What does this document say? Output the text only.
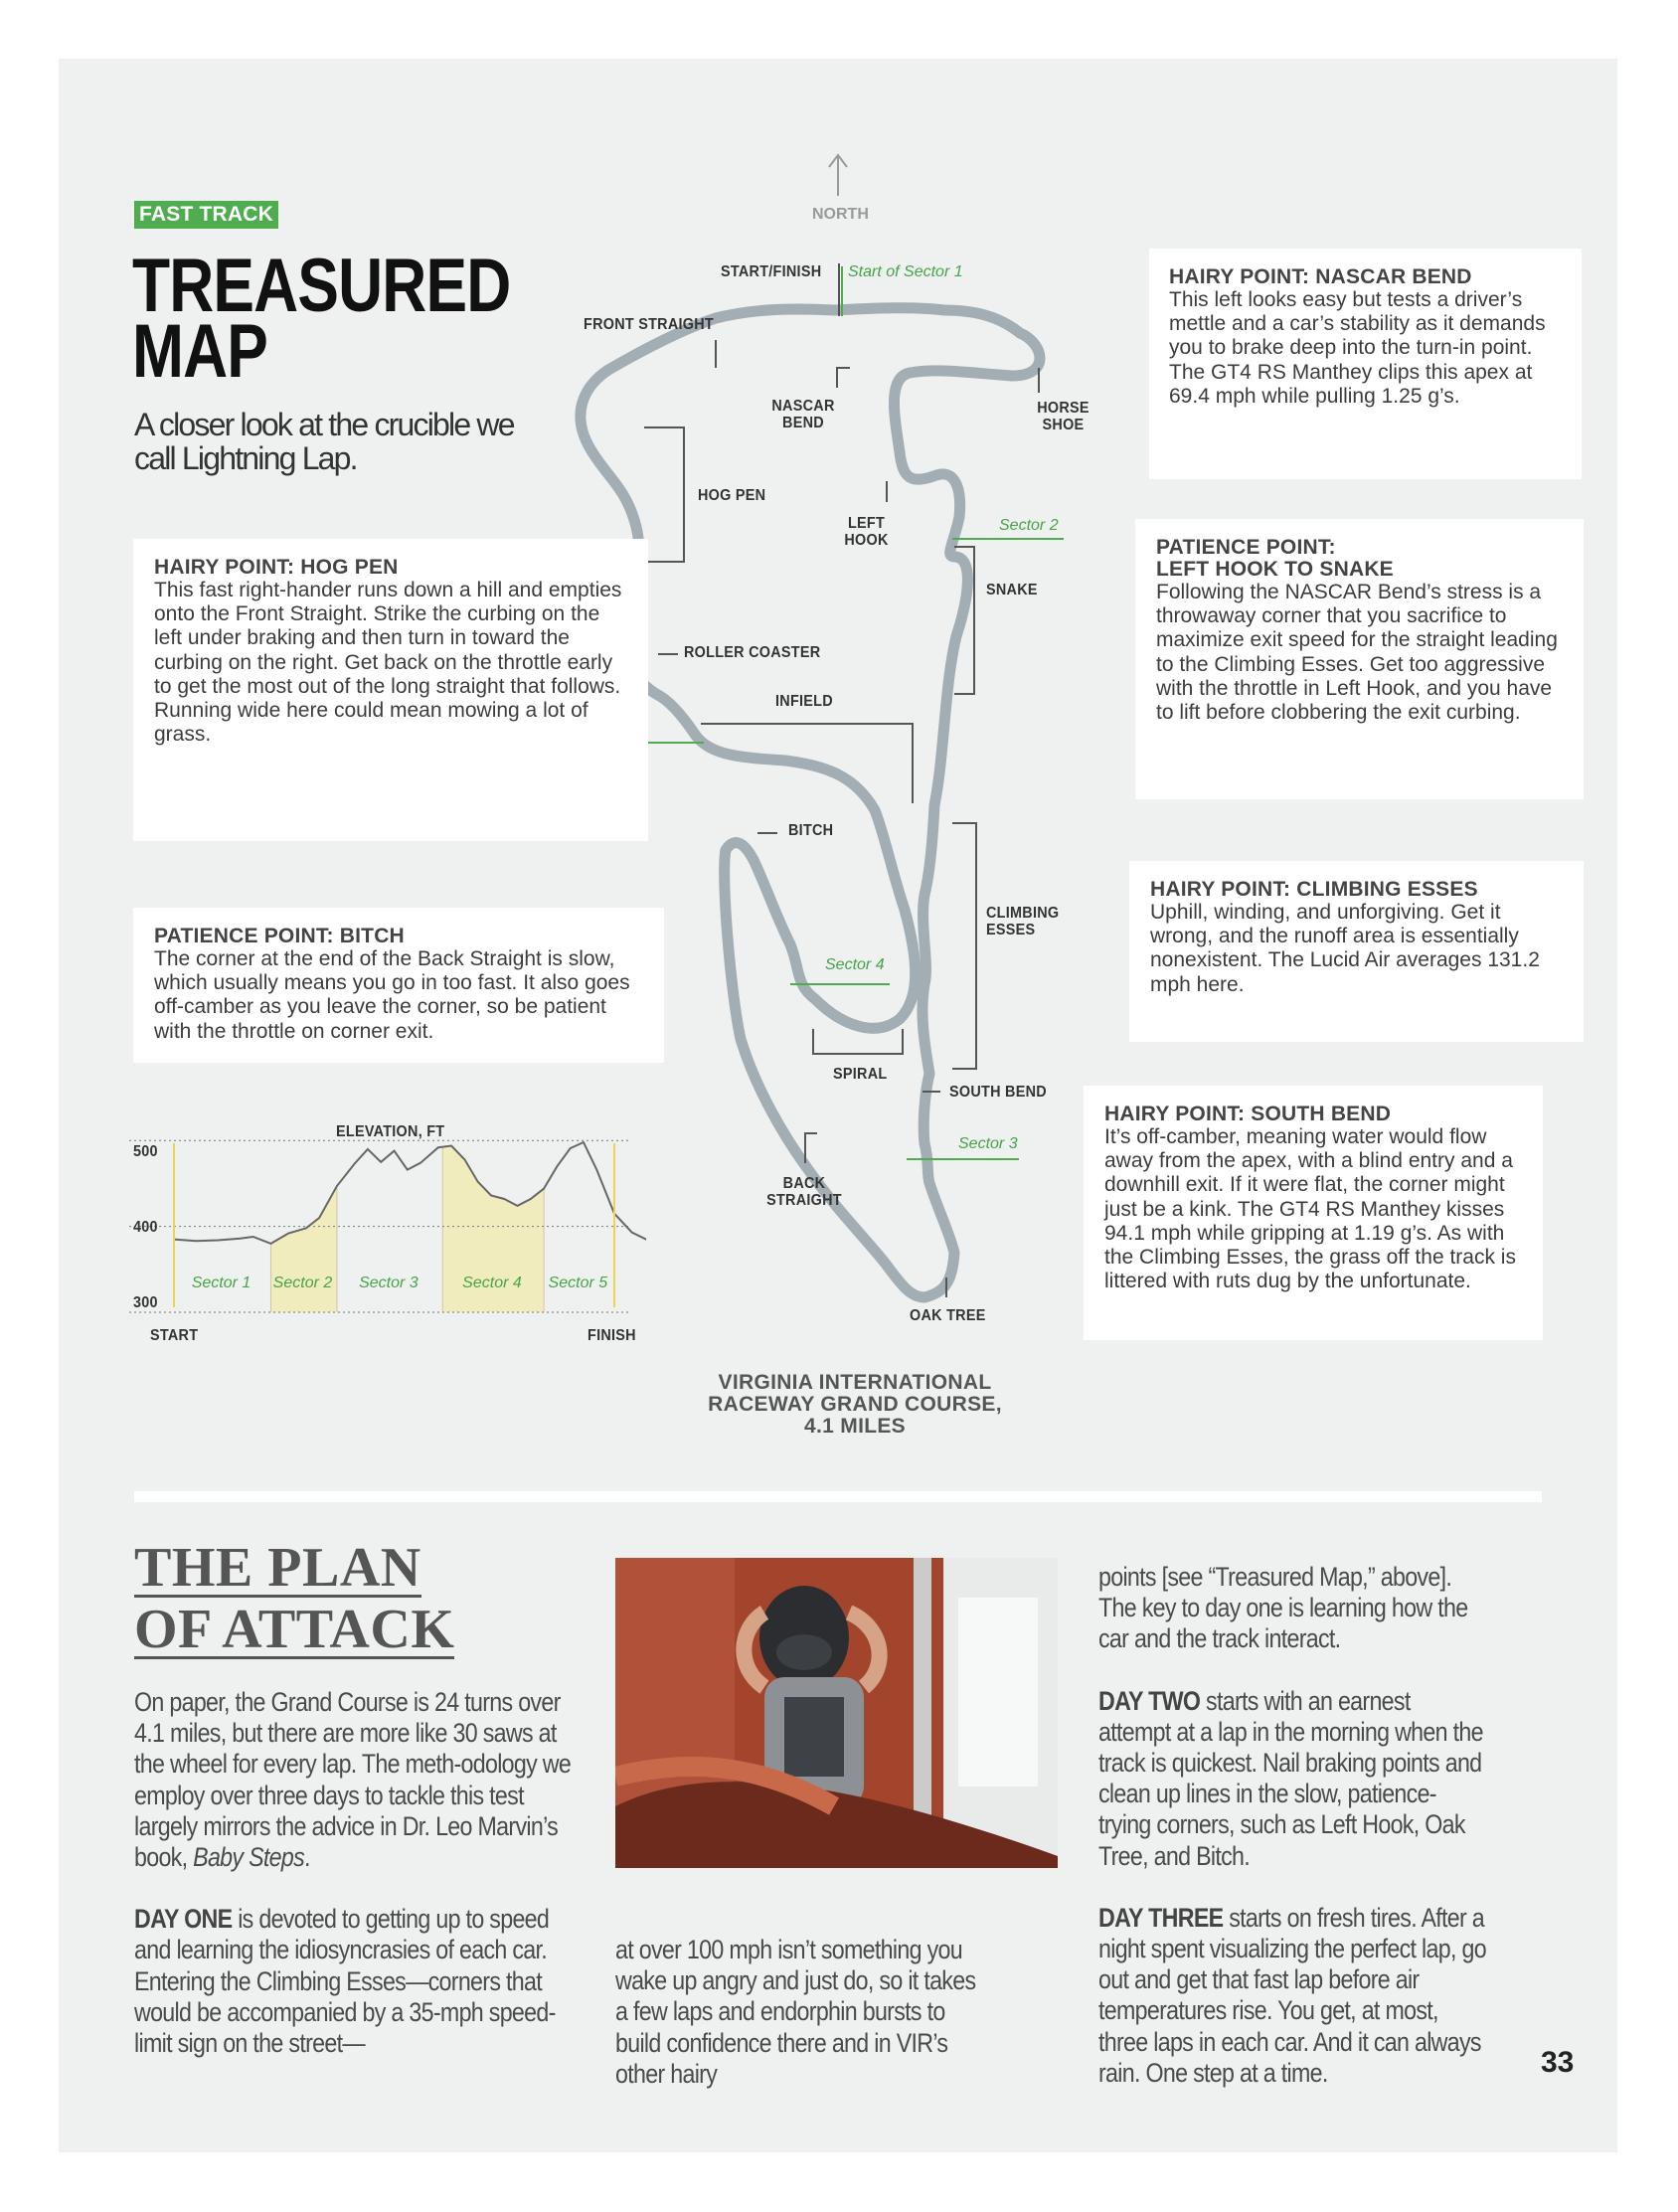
FAST TRACK
TREASURED
MAP
A closer look at the crucible we call Lightning Lap.
START/FINISH Start of Sector 1
FRONT STRAIGHT
NASCAR
BEND
HORSE
SHOE
HOG PEN
LEFT
HOOK
Sector 2
SNAKE
ROLLER COASTER
INFIELD
BITCH
CLIMBING
ESSES
Sector 4
SPIRAL
SOUTH BEND
Sector 3
BACK
STRAIGHT
OAK TREE
NORTH
HAIRY POINT: NASCAR BEND

This left looks easy but tests a driver’s mettle and a car’s stability as it demands you to brake deep into the turn-in point. The GT4 RS Manthey clips this apex at 69.4 mph while pulling 1.25 g’s.

HAIRY POINT: HOG PEN

This fast right-hander runs down a hill and empties onto the Front Straight. Strike the curbing on the left under braking and then turn in toward the curbing on the right. Get back on the throttle early to get the most out of the long straight that follows. Running wide here could mean mowing a lot of grass.

PATIENCE POINT:
LEFT HOOK TO SNAKE

Following the NASCAR Bend’s stress is a throwaway corner that you sacrifice to maximize exit speed for the straight leading to the Climbing Esses. Get too aggressive with the throttle in Left Hook, and you have to lift before clobbering the exit curbing.

HAIRY POINT: CLIMBING ESSES

Uphill, winding, and unforgiving. Get it wrong, and the runoff area is essentially nonexistent. The Lucid Air averages 131.2 mph here.

PATIENCE POINT: BITCH

The corner at the end of the Back Straight is slow, which usually means you go in too fast. It also goes off-camber as you leave the corner, so be patient with the throttle on corner exit.

HAIRY POINT: SOUTH BEND

It’s off-camber, meaning water would flow away from the apex, with a blind entry and a downhill exit. If it were flat, the corner might just be a kink. The GT4 RS Manthey kisses 94.1 mph while gripping at 1.19 g’s. As with the Climbing Esses, the grass off the track is littered with ruts dug by the unfortunate.

ELEVATION, FT
500
400
300
START	FINISH
Sector 1 Sector 2 Sector 3	Sector 4 Sector 5
VIRGINIA INTERNATIONAL
RACEWAY GRAND COURSE,
4.1 MILES
THE PLAN
OF ATTACK

On paper, the Grand Course is 24 turns over 4.1 miles, but there are more like 30 saws at the wheel for every lap. The meth-odology we employ over three days to tackle this test largely mirrors the advice in Dr. Leo Marvin’s book, Baby Steps.

DAY ONE is devoted to getting up to speed and learning the idiosyncrasies of each car. Entering the Climbing Esses—corners that would be accompanied by a 35-mph speed-limit sign on the street—

at over 100 mph isn’t something you wake up angry and just do, so it takes a few laps and endorphin bursts to build confidence there and in VIR’s other hairy

points [see “Treasured Map,” above]. The key to day one is learning how the car and the track interact.

DAY TWO starts with an earnest attempt at a lap in the morning when the track is quickest. Nail braking points and clean up lines in the slow, patience-trying corners, such as Left Hook, Oak Tree, and Bitch.

DAY THREE starts on fresh tires. After a night spent visualizing the perfect lap, go out and get that fast lap before air temperatures rise. You get, at most, three laps in each car. And it can always rain. One step at a time.	33
